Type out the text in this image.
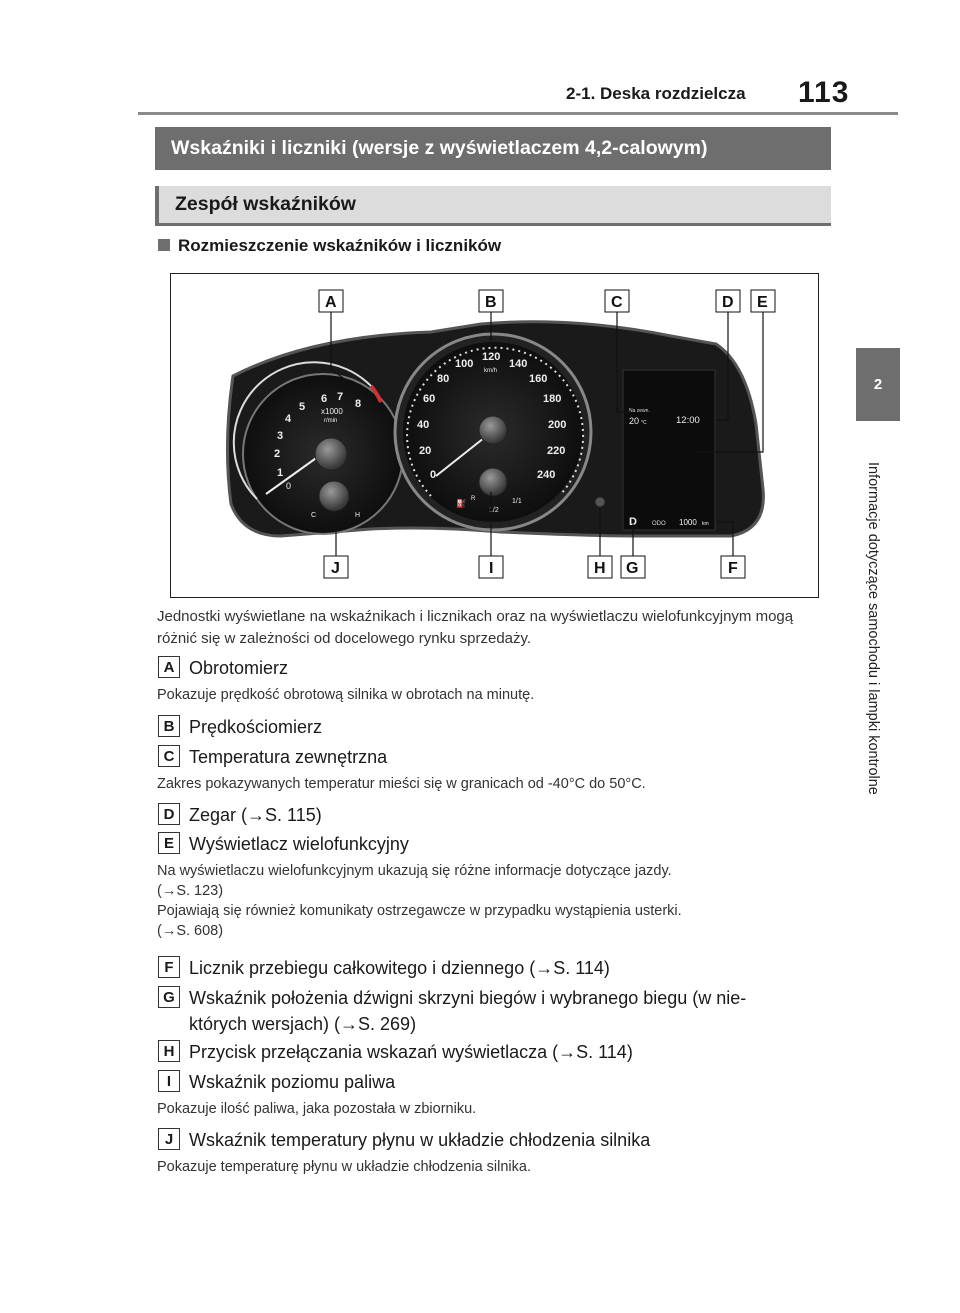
2-1. Deska rozdzielcza 113
2
Informacje dotyczące samochodu i lampki kontrolne
Wskaźniki i liczniki (wersje z wyświetlaczem 4,2-calowym)
Zespół wskaźników
Rozmieszczenie wskaźników i liczników
1
2
3
4
5
6 7
8
x1000
r/min
0
C	H
0
20
40
60
80
100
120
140
160
180
200
220
240
km/h
⛽ R
1/2
1/1
Na zewn.
20 °C	12:00
D	ODO 1000 km
A	B	C	D E
J	I	H G	F
Jednostki wyświetlane na wskaźnikach i licznikach oraz na wyświetlaczu wielofunkcyjnym mogą różnić się w zależności od docelowego rynku sprzedaży.
A Obrotomierz
Pokazuje prędkość obrotową silnika w obrotach na minutę.
B Prędkościomierz
C Temperatura zewnętrzna
Zakres pokazywanych temperatur mieści się w granicach od -40°C do 50°C.
D Zegar (→S. 115)
E Wyświetlacz wielofunkcyjny
Na wyświetlaczu wielofunkcyjnym ukazują się różne informacje dotyczące jazdy.
(→S. 123)
Pojawiają się również komunikaty ostrzegawcze w przypadku wystąpienia usterki.
(→S. 608)
F Licznik przebiegu całkowitego i dziennego (→S. 114)
G Wskaźnik położenia dźwigni skrzyni biegów i wybranego biegu (w nie-
których wersjach) (→S. 269)
H Przycisk przełączania wskazań wyświetlacza (→S. 114)
I Wskaźnik poziomu paliwa
Pokazuje ilość paliwa, jaka pozostała w zbiorniku.
J Wskaźnik temperatury płynu w układzie chłodzenia silnika
Pokazuje temperaturę płynu w układzie chłodzenia silnika.
